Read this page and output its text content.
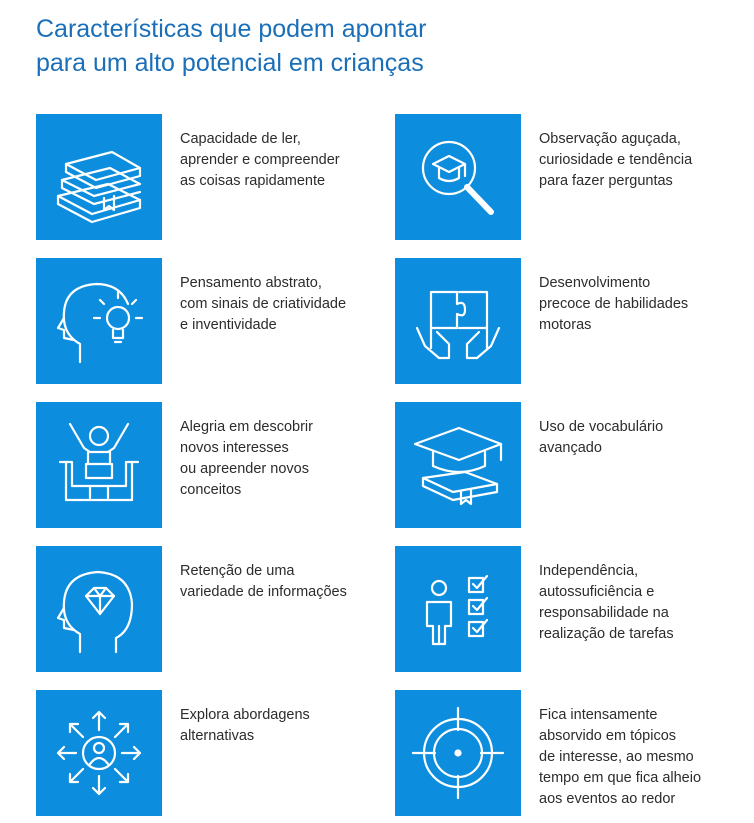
Características que podem apontar
para um alto potencial em crianças
Capacidade de ler,
aprender e compreender
as coisas rapidamente
Observação aguçada,
curiosidade e tendência
para fazer perguntas
Pensamento abstrato,
com sinais de criatividade
e inventividade
Desenvolvimento
precoce de habilidades
motoras
Alegria em descobrir
novos interesses
ou apreender novos
conceitos
Uso de vocabulário
avançado
Retenção de uma
variedade de informações
Independência,
autossuficiência e
responsabilidade na
realização de tarefas
Explora abordagens
alternativas
Fica intensamente
absorvido em tópicos
de interesse, ao mesmo
tempo em que fica alheio
aos eventos ao redor
